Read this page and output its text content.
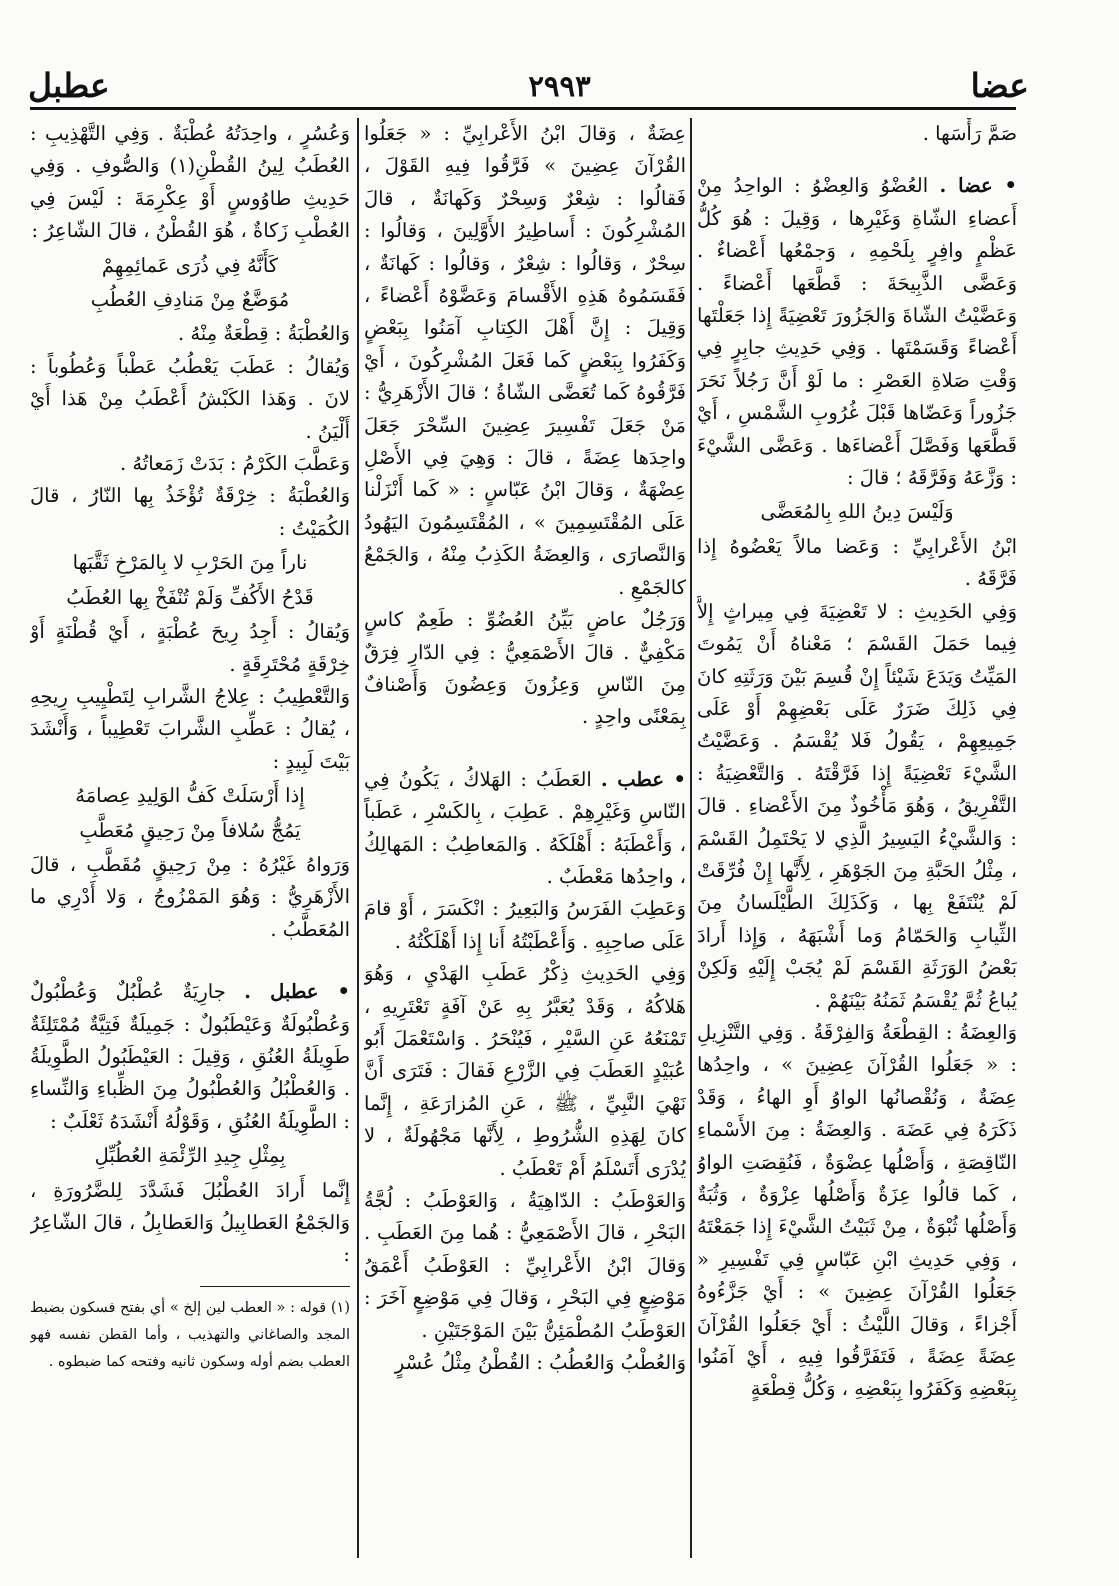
عضا
٢٩٩٣
عطبل

صَمَّ رَأْسَها .

• عضا . العُضْوُ وَالعِضْوُ : الواحِدُ مِنْ أَعضاءِ الشّاةِ وَغَيْرِها ، وَقِيلَ : هُوَ كُلُّ عَظْمٍ وافِرٍ بِلَحْمِهِ ، وَجمْعُها أَعْضاءٌ . وَعَضَّى الذَّبِيحَةَ : قَطَّعَها أَعْضاءً . وَعَضَّيْتُ الشّاةَ وَالجَزُورَ تَعْضِيَةً إِذا جَعَلْتَها أَعْضاءً وَقَسَمْتَها . وَفِي حَدِيثِ جابِرٍ فِي وَقْتِ صَلاةِ العَصْرِ : ما لَوْ أَنَّ رَجُلاً نَحَرَ جَزُوراً وَعَضّاها قَبْلَ غُرُوبِ الشَّمْسِ ، أَيْ قَطَّعَها وَفَصَّلَ أَعْضاءَها . وَعَضَّى الشَّيْءَ : وَزَّعَهُ وَفَرَّقَهُ ؛ قالَ :

وَلَيْسَ دِينُ اللهِ بِالمُعَضَّى

ابْنُ الأَعْرابِيِّ : وَعَضا مالاً يَعْضُوهُ إِذا فَرَّقَهُ .

وَفِي الحَدِيثِ : لا تَعْضِيَةَ فِي مِيراثٍ إِلاَّ فِيما حَمَلَ القَسْمَ ؛ مَعْناهُ أَنْ يَمُوتَ المَيِّتُ وَيَدَعَ شَيْئاً إِنْ قُسِمَ بَيْنَ وَرَثَتِهِ كانَ فِي ذَلِكَ ضَرَرٌ عَلَى بَعْضِهِمْ أَوْ عَلَى جَمِيعِهِمْ ، يَقُولُ فَلا يُقْسَمُ . وَعَضَّيْتُ الشَّيْءَ تَعْضِيَةً إِذا فَرَّقْتَهُ . وَالتَّعْضِيَةُ : التَّفْرِيقُ ، وَهُوَ مَأْخُوذٌ مِنَ الأَعْضاءِ . قالَ : وَالشَّيْءُ اليَسِيرُ الَّذِي لا يَحْتَمِلُ القَسْمَ ، مِثْلُ الحَبَّةِ مِنَ الجَوْهَرِ ، لِأَنَّها إِنْ فُرِّقَتْ لَمْ يُنْتَفَعْ بِها ، وَكَذَلِكَ الطَّيْلَسانُ مِنَ الثِّيابِ وَالحَمّامُ وَما أَشْبَهَهُ ، وَإِذا أَرادَ بَعْضُ الوَرَثَةِ القَسْمَ لَمْ يُجَبْ إِلَيْهِ وَلَكِنْ يُباعُ ثُمَّ يُقْسَمُ ثَمَنُهُ بَيْنَهُمْ .

وَالعِضَةُ : القِطْعَةُ وَالفِرْقَةُ . وَفِي التَّنْزِيلِ : « جَعَلُوا القُرْآنَ عِضِينَ » ، واحِدُها عِضَةٌ ، وَنُقْصانُها الواوُ أَوِ الهاءُ ، وَقَدْ ذَكَرَهُ فِي عَضَهَ . وَالعِضَةُ : مِنَ الأَسْماءِ النّاقِصَةِ ، وَأَصْلُها عِضْوَةٌ ، فَنُقِصَتِ الواوُ ، كَما قالُوا عِزَةٌ وَأَصْلُها عِزْوَةٌ ، وَثُبَةٌ وَأَصْلُها ثُبْوَةٌ ، مِنْ ثَبَيْتُ الشَّيْءَ إِذا جَمَعْتَهُ ، وَفِي حَدِيثِ ابْنِ عَبّاسٍ فِي تَفْسِيرِ « جَعَلُوا القُرْآنَ عِضِينَ » : أَيْ جَزَّءُوهُ أَجْزاءً ، وَقالَ اللَّيْثُ : أَيْ جَعَلُوا القُرْآنَ عِضَةً عِضَةً ، فَتَفَرَّقُوا فِيهِ ، أَيْ آمَنُوا بِبَعْضِهِ وَكَفَرُوا بِبَعْضِهِ ، وَكُلُّ قِطْعَةٍ

عِضَةٌ ، وَقالَ ابْنُ الأَعْرابِيِّ : « جَعَلُوا القُرْآنَ عِضِينَ » فَرَّقُوا فِيهِ القَوْلَ ، فَقالُوا : شِعْرٌ وَسِحْرٌ وَكَهانَةٌ ، قالَ المُشْرِكُونَ : أَساطِيرُ الأَوَّلِينَ ، وَقالُوا : سِحْرٌ ، وَقالُوا : شِعْرٌ ، وَقالُوا : كَهانَةٌ ، فَقَسَمُوهُ هَذِهِ الأَقْسامَ وَعَضَّوْهُ أَعْضاءً ، وَقِيلَ : إِنَّ أَهْلَ الكِتابِ آمَنُوا بِبَعْضٍ وَكَفَرُوا بِبَعْضٍ كَما فَعَلَ المُشْرِكُونَ ، أَيْ فَرَّقُوهُ كَما تُعَضَّى الشّاةُ ؛ قالَ الأَزْهَرِيُّ : مَنْ جَعَلَ تَفْسِيرَ عِضِينَ السِّحْرَ جَعَلَ واحِدَها عِضَةً ، قالَ : وَهِيَ فِي الأَصْلِ عِضْهَةٌ ، وَقالَ ابْنُ عَبّاسٍ : « كَما أَنْزَلْنا عَلَى المُقْتَسِمِينَ » ، المُقْتَسِمُونَ اليَهُودُ وَالنَّصارَى ، وَالعِضَةُ الكَذِبُ مِنْهُ ، وَالجَمْعُ كالجَمْعِ .

وَرَجُلٌ عاضٍ بَيِّنُ العُضُوِّ : طَعِمٌ كاسٍ مَكْفِيٌّ . قالَ الأَصْمَعِيُّ : فِي الدّارِ فِرَقٌ مِنَ النّاسِ وَعِزُونَ وَعِضُونَ وَأَصْنافٌ بِمَعْنًى واحِدٍ .

• عطب . العَطَبُ : الهَلاكُ ، يَكُونُ فِي النّاسِ وَغَيْرِهِمْ . عَطِبَ ، بِالكَسْرِ ، عَطَباً ، وَأَعْطَبَهُ : أَهْلَكَهُ . وَالمَعاطِبُ : المَهالِكُ ، واحِدُها مَعْطَبٌ .

وَعَطِبَ الفَرَسُ وَالبَعِيرُ : انْكَسَرَ ، أَوْ قامَ عَلَى صاحِبِهِ . وَأَعْطَبْتُهُ أَنا إِذا أَهْلَكْتُهُ .

وَفِي الحَدِيثِ ذِكْرُ عَطَبِ الهَدْيِ ، وَهُوَ هَلاكُهُ ، وَقَدْ يُعَبَّرُ بِهِ عَنْ آفَةٍ تَعْتَرِيهِ ، تَمْنَعُهُ عَنِ السَّيْرِ ، فَيُنْحَرُ . وَاسْتَعْمَلَ أَبُو عُبَيْدٍ العَطَبَ فِي الزَّرْعِ فَقالَ : فَتَرَى أَنَّ نَهْيَ النَّبِيِّ ، ﷺ ، عَنِ المُزارَعَةِ ، إِنَّما كانَ لِهَذِهِ الشُّرُوطِ ، لِأَنَّها مَجْهُولَةٌ ، لا يُدْرَى أَتَسْلَمُ أَمْ تَعْطَبُ .

وَالعَوْطَبُ : الدّاهِيَةُ ، وَالعَوْطَبُ : لُجَّةُ البَحْرِ ، قالَ الأَصْمَعِيُّ : هُما مِنَ العَطَبِ . وَقالَ ابْنُ الأَعْرابِيِّ : العَوْطَبُ أَعْمَقُ مَوْضِعٍ فِي البَحْرِ ، وَقالَ فِي مَوْضِعٍ آخَرَ : العَوْطَبُ المُطْمَئِنُّ بَيْنَ المَوْجَتَيْنِ .

وَالعُطْبُ وَالعُطُبُ : القُطْنُ مِثْلُ عُسْرٍ

وَعُسُرٍ ، واحِدَتُهُ عُطْبَةٌ . وَفِي التَّهْذِيبِ : العُطَبُ لِينُ القُطْنِ(١) وَالصُّوفِ . وَفِي حَدِيثِ طاوُوسٍ أَوْ عِكْرِمَةَ : لَيْسَ فِي العُطْبِ زَكاةٌ ، هُوَ القُطْنُ ، قالَ الشّاعِرُ :

كَأَنَّهُ فِي ذُرَى عَمائِمِهِمْ

مُوَضَّعٌ مِنْ مَنادِفِ العُطُبِ

وَالعُطْبَةُ : قِطْعَةٌ مِنْهُ .

وَيُقالُ : عَطَبَ يَعْطُبُ عَطْباً وَعُطُوباً : لانَ . وَهَذا الكَبْشُ أَعْطَبُ مِنْ هَذا أَيْ أَلْيَنُ .

وَعَطَّبَ الكَرْمُ : بَدَتْ زَمَعاتُهُ .

وَالعُطْبَةُ : خِرْقَةٌ تُؤْخَذُ بِها النّارُ ، قالَ الكُمَيْتُ :

ناراً مِنَ الحَرْبِ لا بِالمَرْخِ ثَقَّبَها

قَدْحُ الأَكُفِّ وَلَمْ تُنْفَخْ بِها العُطَبُ

وَيُقالُ : أَجِدُ رِيحَ عُطْبَةٍ ، أَيْ قُطْنَةٍ أَوْ خِرْقَةٍ مُحْتَرِقَةٍ .

وَالتَّعْطِيبُ : عِلاجُ الشَّرابِ لِتَطْيِيبِ رِيحِهِ ، يُقالُ : عَطِّبِ الشَّرابَ تَعْطِيباً ، وَأَنْشَدَ بَيْتَ لَبِيدٍ :

إِذا أَرْسَلَتْ كَفُّ الوَلِيدِ عِصامَهُ

يَمُجُّ سُلافاً مِنْ رَحِيقٍ مُعَطَّبِ

وَرَواهُ غَيْرُهُ : مِنْ رَحِيقٍ مُقَطَّبِ ، قالَ الأَزْهَرِيُّ : وَهُوَ المَمْزُوجُ ، وَلا أَدْرِي ما المُعَطَّبُ .

• عطبل . جارِيَةٌ عُطْبُلٌ وَعُطْبُولٌ وَعُطْبُولَةٌ وَعَيْطَبُولٌ : جَمِيلَةٌ فَتِيَّةٌ مُمْتَلِئَةٌ طَوِيلَةُ العُنُقِ ، وَقِيلَ : العَيْطَبُولُ الطَّوِيلَةُ . وَالعُطْبُلُ وَالعُطْبُولُ مِنَ الظِّباءِ وَالنِّساءِ : الطَّوِيلَةُ العُنُقِ ، وَقَوْلُهُ أَنْشَدَهُ ثَعْلَبٌ :

بِمِثْلِ جِيدِ الرِّئْمَةِ العُطُبِّلِ

إِنَّما أَرادَ العُطْبُلَ فَشَدَّدَ لِلضَّرُورَةِ ، وَالجَمْعُ العَطابِيلُ وَالعَطابِلُ ، قالَ الشّاعِرُ :

(١) قوله : « العطب لين إلخ » أي بفتح فسكون بضبط المجد والصاغاني والتهذيب ، وأما القطن نفسه فهو العطب بضم أوله وسكون ثانيه وفتحه كما ضبطوه .
